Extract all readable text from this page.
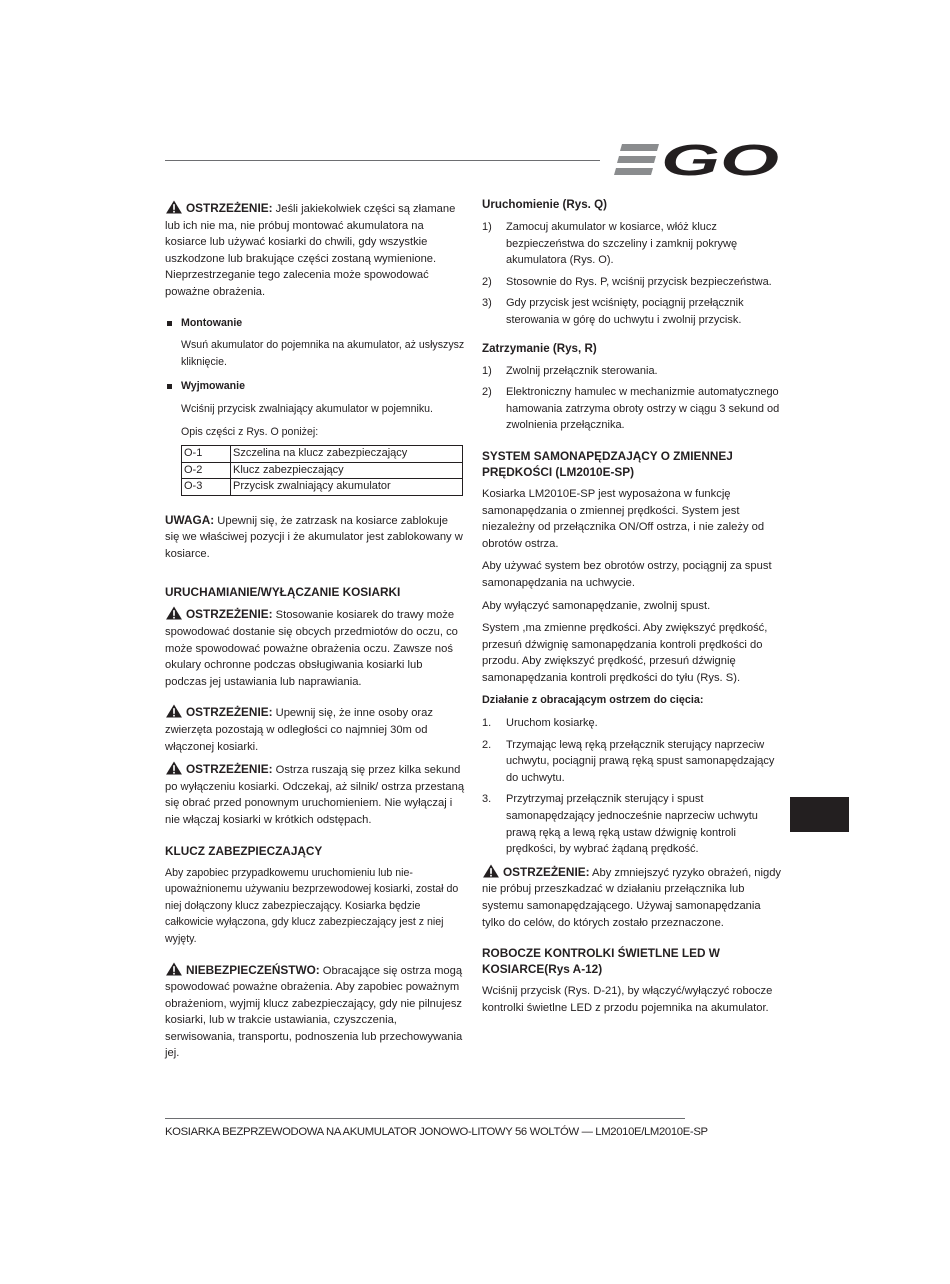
GO

OSTRZEŻENIE: Jeśli jakiekolwiek części są złamane lub ich nie ma, nie próbuj montować akumulatora na kosiarce lub używać kosiarki do chwili, gdy wszystkie uszkodzone lub brakujące części zostaną wymienione. Nieprzestrzeganie tego zalecenia może spowodować poważne obrażenia.

Montowanie

Wsuń akumulator do pojemnika na akumulator, aż usłyszysz kliknięcie.

Wyjmowanie

Wciśnij przycisk zwalniający akumulator w pojemniku.

Opis części z Rys. O poniżej:

O-1	Szczelina na klucz zabezpieczający
O-2	Klucz zabezpieczający
O-3	Przycisk zwalniający akumulator

UWAGA: Upewnij się, że zatrzask na kosiarce zablokuje się we właściwej pozycji i że akumulator jest zablokowany w kosiarce.

URUCHAMIANIE/WYŁĄCZANIE KOSIARKI

OSTRZEŻENIE: Stosowanie kosiarek do trawy może spowodować dostanie się obcych przedmiotów do oczu, co może spowodować poważne obrażenia oczu. Zawsze noś okulary ochronne podczas obsługiwania kosiarki lub podczas jej ustawiania lub naprawiania.

OSTRZEŻENIE: Upewnij się, że inne osoby oraz zwierzęta pozostają w odległości co najmniej 30m od włączonej kosiarki.

OSTRZEŻENIE: Ostrza ruszają się przez kilka sekund po wyłączeniu kosiarki. Odczekaj, aż silnik/ ostrza przestaną się obrać przed ponownym uruchomieniem. Nie wyłączaj i nie włączaj kosiarki w krótkich odstępach.

KLUCZ ZABEZPIECZAJĄCY

Aby zapobiec przypadkowemu uruchomieniu lub nie-upoważnionemu używaniu bezprzewodowej kosiarki, został do niej dołączony klucz zabezpieczający. Kosiarka będzie całkowicie wyłączona, gdy klucz zabezpieczający jest z niej wyjęty.

NIEBEZPIECZEŃSTWO: Obracające się ostrza mogą spowodować poważne obrażenia. Aby zapobiec poważnym obrażeniom, wyjmij klucz zabezpieczający, gdy nie pilnujesz kosiarki, lub w trakcie ustawiania, czyszczenia, serwisowania, transportu, podnoszenia lub przechowywania jej.

Uruchomienie (Rys. Q)
1) Zamocuj akumulator w kosiarce, włóż klucz bezpieczeństwa do szczeliny i zamknij pokrywę akumulatora (Rys. O).
2) Stosownie do Rys. P, wciśnij przycisk bezpieczeństwa.
3) Gdy przycisk jest wciśnięty, pociągnij przełącznik sterowania w górę do uchwytu i zwolnij przycisk.
Zatrzymanie (Rys, R)
1) Zwolnij przełącznik sterowania.
2) Elektroniczny hamulec w mechanizmie automatycznego hamowania zatrzyma obroty ostrzy w ciągu 3 sekund od zwolnienia przełącznika.
SYSTEM SAMONAPĘDZAJĄCY O ZMIENNEJ PRĘDKOŚCI (LM2010E-SP)

Kosiarka LM2010E-SP jest wyposażona w funkcję samonapędzania o zmiennej prędkości. System jest niezależny od przełącznika ON/Off ostrza, i nie zależy od obrotów ostrza.

Aby używać system bez obrotów ostrzy, pociągnij za spust samonapędzania na uchwycie.

Aby wyłączyć samonapędzanie, zwolnij spust.

System ,ma zmienne prędkości. Aby zwiększyć prędkość, przesuń dźwignię samonapędzania kontroli prędkości do przodu. Aby zwiększyć prędkość, przesuń dźwignię samonapędzania kontroli prędkości do tyłu (Rys. S).

Działanie z obracającym ostrzem do cięcia:

1. Uruchom kosiarkę.
2. Trzymając lewą ręką przełącznik sterujący naprzeciw uchwytu, pociągnij prawą ręką spust samonapędzający do uchwytu.
3. Przytrzymaj przełącznik sterujący i spust samonapędzający jednocześnie naprzeciw uchwytu prawą ręką a lewą ręką ustaw dźwignię kontroli prędkości, by wybrać żądaną prędkość.

OSTRZEŻENIE: Aby zmniejszyć ryzyko obrażeń, nigdy nie próbuj przeszkadzać w działaniu przełącznika lub systemu samonapędzającego. Używaj samonapędzania tylko do celów, do których zostało przeznaczone.

ROBOCZE KONTROLKI ŚWIETLNE LED W KOSIARCE(Rys A-12)

Wciśnij przycisk (Rys. D-21), by włączyć/wyłączyć robocze kontrolki świetlne LED z przodu pojemnika na akumulator.

KOSIARKA BEZPRZEWODOWA NA AKUMULATOR JONOWO-LITOWY 56 WOLTÓW — LM2010E/LM2010E-SP
